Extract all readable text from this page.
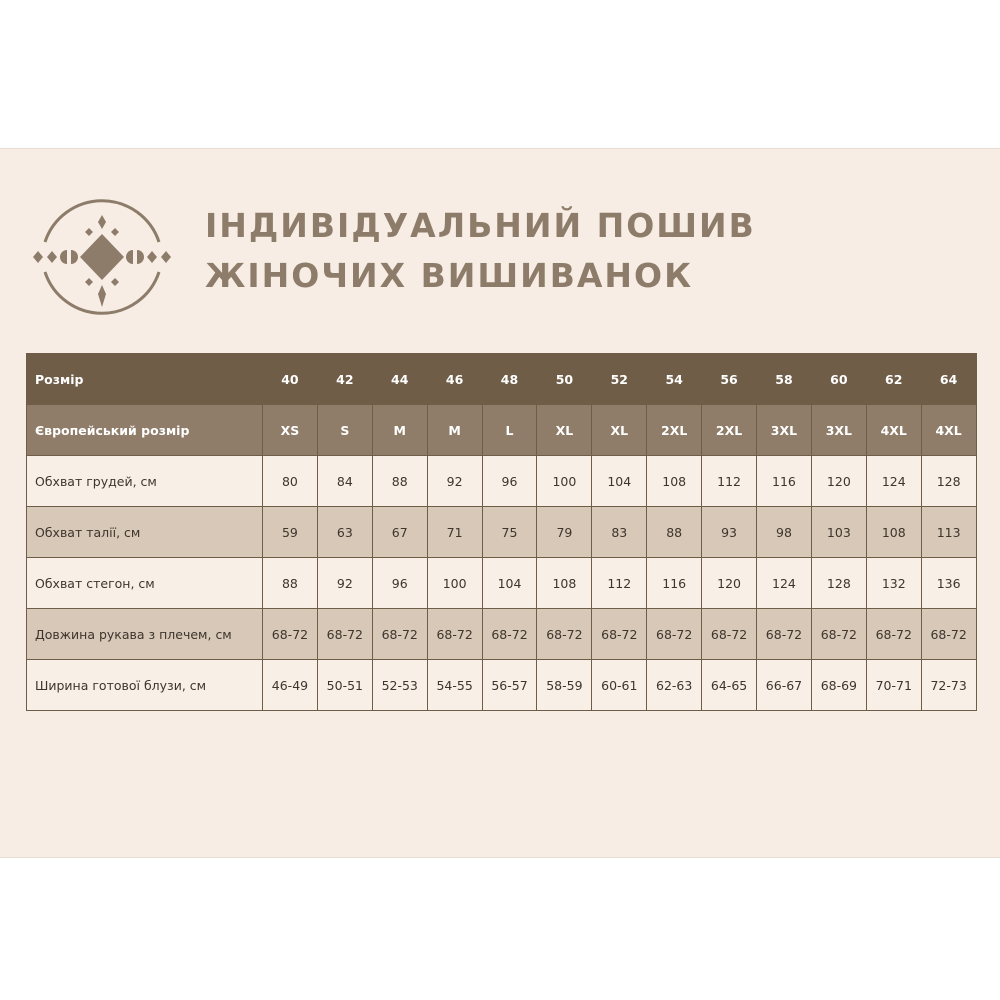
ІНДИВІДУАЛЬНИЙ ПОШИВ
ЖІНОЧИХ ВИШИВАНОК
Розмір	40	42	44	46	48	50	52	54	56	58	60	62	64
Європейський розмір	XS	S	M	M	L	XL	XL	2XL	2XL	3XL	3XL	4XL	4XL
Обхват грудей, см	80	84	88	92	96	100	104	108	112	116	120	124	128
Обхват талії, см	59	63	67	71	75	79	83	88	93	98	103	108	113
Обхват стегон, см	88	92	96	100	104	108	112	116	120	124	128	132	136
Довжина рукава з плечем, см	68-72	68-72	68-72	68-72	68-72	68-72	68-72	68-72	68-72	68-72	68-72	68-72	68-72
Ширина готової блузи, см	46-49	50-51	52-53	54-55	56-57	58-59	60-61	62-63	64-65	66-67	68-69	70-71	72-73
